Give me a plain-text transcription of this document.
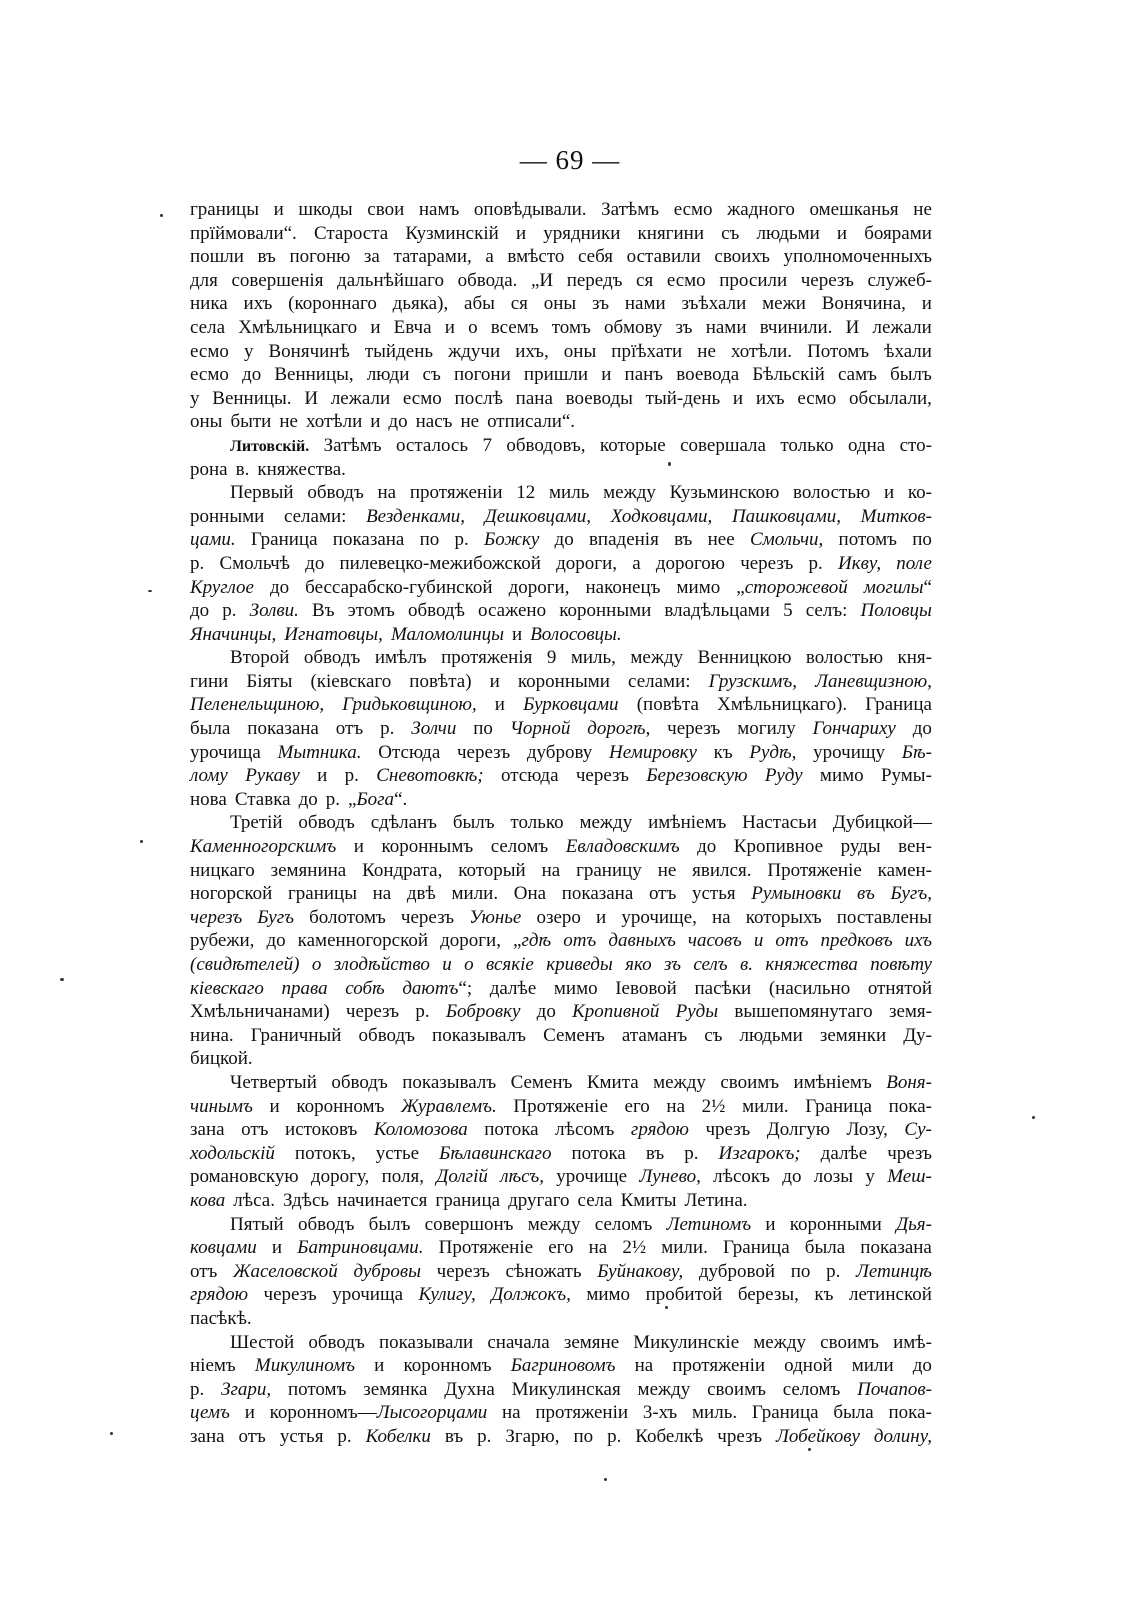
— 69 —
границы и шкоды свои намъ оповѣдывали. Затѣмъ есмо жадного омешканья не
прїймовали“. Староста Кузминскій и урядники княгини съ людьми и боярами
пошли въ погоню за татарами, а вмѣсто себя оставили своихъ уполномоченныхъ
для совершенія дальнѣйшаго обвода. „И передъ ся есмо просили черезъ служеб-
ника ихъ (короннаго дьяка), абы ся оны зъ нами зъѣхали межи Вонячина, и
села Хмѣльницкаго и Евча и о всемъ томъ обмову зъ нами вчинили. И лежали
есмо у Вонячинѣ тыйдень ждучи ихъ, оны прїѣхати не хотѣли. Потомъ ѣхали
есмо до Венницы, люди съ погони пришли и панъ воевода Бѣльскій самъ былъ
у Венницы. И лежали есмо послѣ пана воеводы тый-день и ихъ есмо обсылали,
оны быти не хотѣли и до насъ не отписали“.
Литовскій. Затѣмъ осталось 7 обводовъ, которые совершала только одна сто-
рона в. княжества.
Первый обводъ на протяженіи 12 миль между Кузьминскою волостью и ко-
ронными селами: Везденками, Дешковцами, Ходковцами, Пашковцами, Митков-
цами. Граница показана по р. Божку до впаденія въ нее Смольчи, потомъ по
р. Смольчѣ до пилевецко-межибожской дороги, а дорогою черезъ р. Икву, поле
Круглое до бессарабско-губинской дороги, наконецъ мимо „сторожевой могилы“
до р. Золви. Въ этомъ обводѣ осажено коронными владѣльцами 5 селъ: Половцы
Яначинцы, Игнатовцы, Маломолинцы и Волосовцы.
Второй обводъ имѣлъ протяженія 9 миль, между Венницкою волостью кня-
гини Біяты (кіевскаго повѣта) и коронными селами: Грузскимъ, Ланевщизною,
Пеленельщиною, Гридьковщиною, и Бурковцами (повѣта Хмѣльницкаго). Граница
была показана отъ р. Золчи по Чорной дорогѣ, черезъ могилу Гончариху до
урочища Мытника. Отсюда черезъ дуброву Немировку къ Рудѣ, урочищу Бѣ-
лому Рукаву и р. Сневотовкѣ; отсюда черезъ Березовскую Руду мимо Румы-
нова Ставка до р. „Бога“.
Третій обводъ сдѣланъ былъ только между имѣніемъ Настасьи Дубицкой—
Каменногорскимъ и короннымъ селомъ Евладовскимъ до Кропивное руды вен-
ницкаго земянина Кондрата, который на границу не явился. Протяженіе камен-
ногорской границы на двѣ мили. Она показана отъ устья Румыновки въ Бугъ,
черезъ Бугъ болотомъ черезъ Уюнье озеро и урочище, на которыхъ поставлены
рубежи, до каменногорской дороги, „гдѣ отъ давныхъ часовъ и отъ предковъ ихъ
(свидѣтелей) о злодѣйство и о всякіе криведы яко зъ селъ в. княжества повѣту
кіевскаго права собѣ даютъ“; далѣе мимо Іевовой пасѣки (насильно отнятой
Хмѣльничанами) черезъ р. Бобровку до Кропивной Руды вышепомянутаго земя-
нина. Граничный обводъ показывалъ Семенъ атаманъ съ людьми земянки Ду-
бицкой.
Четвертый обводъ показывалъ Семенъ Кмита между своимъ имѣніемъ Воня-
чинымъ и коронномъ Журавлемъ. Протяженіе его на 2½ мили. Граница пока-
зана отъ истоковъ Коломозова потока лѣсомъ грядою чрезъ Долгую Лозу, Су-
ходольскій потокъ, устье Бѣлавинскаго потока въ р. Изгарокъ; далѣе чрезъ
романовскую дорогу, поля, Долгій лѣсъ, урочище Лунево, лѣсокъ до лозы у Меш-
кова лѣса. Здѣсь начинается граница другаго села Кмиты Летина.
Пятый обводъ былъ совершонъ между селомъ Летиномъ и коронными Дья-
ковцами и Батриновцами. Протяженіе его на 2½ мили. Граница была показана
отъ Жаселовской дубровы черезъ сѣножать Буйнакову, дубровой по р. Летинцѣ
грядою черезъ урочища Кулигу, Должокъ, мимо пробитой березы, къ летинской
пасѣкѣ.
Шестой обводъ показывали сначала земяне Микулинскіе между своимъ имѣ-
ніемъ Микулиномъ и коронномъ Багриновомъ на протяженіи одной мили до
р. Згари, потомъ земянка Духна Микулинская между своимъ селомъ Почапов-
цемъ и коронномъ—Лысогорцами на протяженіи 3-хъ миль. Граница была пока-
зана отъ устья р. Кобелки въ р. Згарю, по р. Кобелкѣ чрезъ Лобейкову долину,
